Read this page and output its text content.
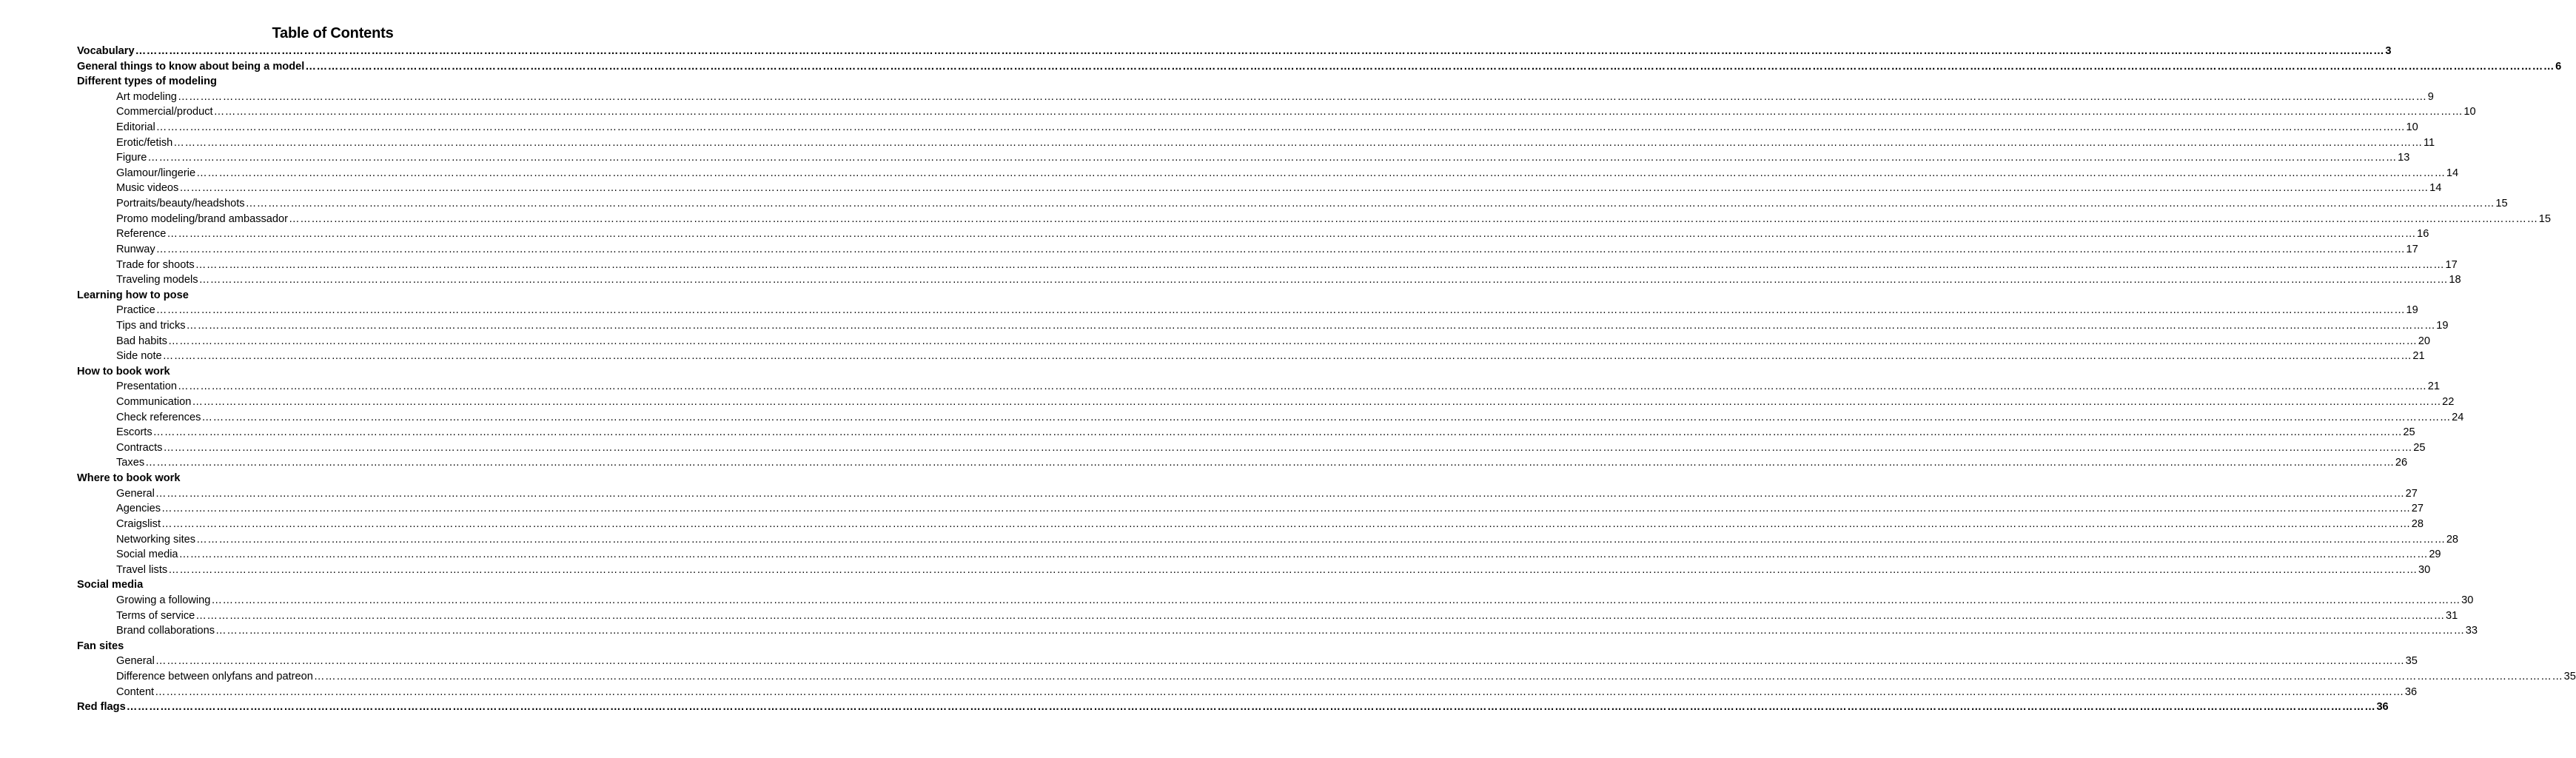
Table of Contents
Vocabulary …………………………………………………………………………………………………………………………………………………………………………………………………………………………………………………………………………………………………………………………………………………………………………………………………………………………………………………………………………………………………………………………………………………… 3
General things to know about being a model …………………………………………………………………………………………………………………………………………………………………………………………………………………………………………………………………………………………………………………………………………………………………………………………………………………………………………………………………………………………………………………………………………………… 6
Different types of modeling
Art modeling …………………………………………………………………………………………………………………………………………………………………………………………………………………………………………………………………………………………………………………………………………………………………………………………………………………………………………………………………………………………………………………………………………………… 9
Commercial/product …………………………………………………………………………………………………………………………………………………………………………………………………………………………………………………………………………………………………………………………………………………………………………………………………………………………………………………………………………………………………………………………………………………… 10
Editorial …………………………………………………………………………………………………………………………………………………………………………………………………………………………………………………………………………………………………………………………………………………………………………………………………………………………………………………………………………………………………………………………………………………… 10
Erotic/fetish …………………………………………………………………………………………………………………………………………………………………………………………………………………………………………………………………………………………………………………………………………………………………………………………………………………………………………………………………………………………………………………………………………………… 11
Figure …………………………………………………………………………………………………………………………………………………………………………………………………………………………………………………………………………………………………………………………………………………………………………………………………………………………………………………………………………………………………………………………………………………… 13
Glamour/lingerie …………………………………………………………………………………………………………………………………………………………………………………………………………………………………………………………………………………………………………………………………………………………………………………………………………………………………………………………………………………………………………………………………………………… 14
Music videos …………………………………………………………………………………………………………………………………………………………………………………………………………………………………………………………………………………………………………………………………………………………………………………………………………………………………………………………………………………………………………………………………………………… 14
Portraits/beauty/headshots …………………………………………………………………………………………………………………………………………………………………………………………………………………………………………………………………………………………………………………………………………………………………………………………………………………………………………………………………………………………………………………………………………………… 15
Promo modeling/brand ambassador …………………………………………………………………………………………………………………………………………………………………………………………………………………………………………………………………………………………………………………………………………………………………………………………………………………………………………………………………………………………………………………………………………………… 15
Reference …………………………………………………………………………………………………………………………………………………………………………………………………………………………………………………………………………………………………………………………………………………………………………………………………………………………………………………………………………………………………………………………………………………… 16
Runway …………………………………………………………………………………………………………………………………………………………………………………………………………………………………………………………………………………………………………………………………………………………………………………………………………………………………………………………………………………………………………………………………………………… 17
Trade for shoots …………………………………………………………………………………………………………………………………………………………………………………………………………………………………………………………………………………………………………………………………………………………………………………………………………………………………………………………………………………………………………………………………………………… 17
Traveling models …………………………………………………………………………………………………………………………………………………………………………………………………………………………………………………………………………………………………………………………………………………………………………………………………………………………………………………………………………………………………………………………………………………… 18
Learning how to pose
Practice …………………………………………………………………………………………………………………………………………………………………………………………………………………………………………………………………………………………………………………………………………………………………………………………………………………………………………………………………………………………………………………………………………………… 19
Tips and tricks …………………………………………………………………………………………………………………………………………………………………………………………………………………………………………………………………………………………………………………………………………………………………………………………………………………………………………………………………………………………………………………………………………………… 19
Bad habits …………………………………………………………………………………………………………………………………………………………………………………………………………………………………………………………………………………………………………………………………………………………………………………………………………………………………………………………………………………………………………………………………………………… 20
Side note …………………………………………………………………………………………………………………………………………………………………………………………………………………………………………………………………………………………………………………………………………………………………………………………………………………………………………………………………………………………………………………………………………………… 21
How to book work
Presentation …………………………………………………………………………………………………………………………………………………………………………………………………………………………………………………………………………………………………………………………………………………………………………………………………………………………………………………………………………………………………………………………………………………… 21
Communication …………………………………………………………………………………………………………………………………………………………………………………………………………………………………………………………………………………………………………………………………………………………………………………………………………………………………………………………………………………………………………………………………………………… 22
Check references …………………………………………………………………………………………………………………………………………………………………………………………………………………………………………………………………………………………………………………………………………………………………………………………………………………………………………………………………………………………………………………………………………………… 24
Escorts …………………………………………………………………………………………………………………………………………………………………………………………………………………………………………………………………………………………………………………………………………………………………………………………………………………………………………………………………………………………………………………………………………………… 25
Contracts …………………………………………………………………………………………………………………………………………………………………………………………………………………………………………………………………………………………………………………………………………………………………………………………………………………………………………………………………………………………………………………………………………………… 25
Taxes …………………………………………………………………………………………………………………………………………………………………………………………………………………………………………………………………………………………………………………………………………………………………………………………………………………………………………………………………………………………………………………………………………………… 26
Where to book work
General …………………………………………………………………………………………………………………………………………………………………………………………………………………………………………………………………………………………………………………………………………………………………………………………………………………………………………………………………………………………………………………………………………………… 27
Agencies …………………………………………………………………………………………………………………………………………………………………………………………………………………………………………………………………………………………………………………………………………………………………………………………………………………………………………………………………………………………………………………………………………………… 27
Craigslist …………………………………………………………………………………………………………………………………………………………………………………………………………………………………………………………………………………………………………………………………………………………………………………………………………………………………………………………………………………………………………………………………………………… 28
Networking sites …………………………………………………………………………………………………………………………………………………………………………………………………………………………………………………………………………………………………………………………………………………………………………………………………………………………………………………………………………………………………………………………………………………… 28
Social media …………………………………………………………………………………………………………………………………………………………………………………………………………………………………………………………………………………………………………………………………………………………………………………………………………………………………………………………………………………………………………………………………………………… 29
Travel lists …………………………………………………………………………………………………………………………………………………………………………………………………………………………………………………………………………………………………………………………………………………………………………………………………………………………………………………………………………………………………………………………………………………… 30
Social media
Growing a following …………………………………………………………………………………………………………………………………………………………………………………………………………………………………………………………………………………………………………………………………………………………………………………………………………………………………………………………………………………………………………………………………………………… 30
Terms of service …………………………………………………………………………………………………………………………………………………………………………………………………………………………………………………………………………………………………………………………………………………………………………………………………………………………………………………………………………………………………………………………………………………… 31
Brand collaborations …………………………………………………………………………………………………………………………………………………………………………………………………………………………………………………………………………………………………………………………………………………………………………………………………………………………………………………………………………………………………………………………………………………… 33
Fan sites
General …………………………………………………………………………………………………………………………………………………………………………………………………………………………………………………………………………………………………………………………………………………………………………………………………………………………………………………………………………………………………………………………………………………… 35
Difference between onlyfans and patreon …………………………………………………………………………………………………………………………………………………………………………………………………………………………………………………………………………………………………………………………………………………………………………………………………………………………………………………………………………………………………………………………………………………… 35
Content …………………………………………………………………………………………………………………………………………………………………………………………………………………………………………………………………………………………………………………………………………………………………………………………………………………………………………………………………………………………………………………………………………………… 36
Red flags …………………………………………………………………………………………………………………………………………………………………………………………………………………………………………………………………………………………………………………………………………………………………………………………………………………………………………………………………………………………………………………………………………………… 36
